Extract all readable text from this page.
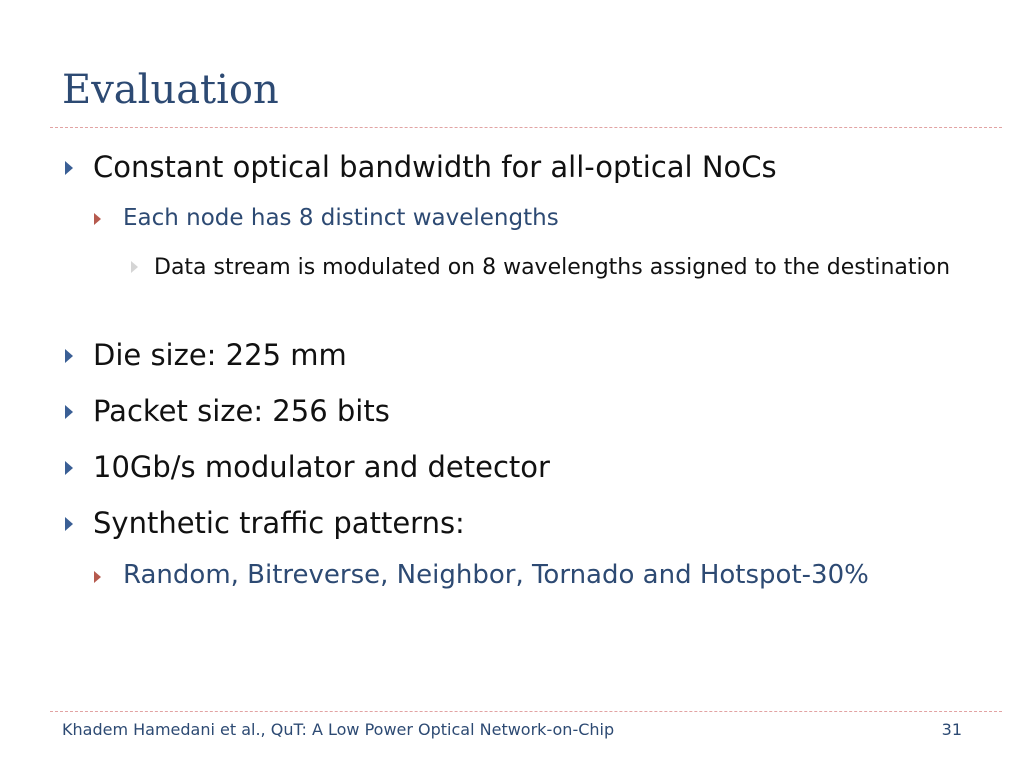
Evaluation
Constant optical bandwidth for all-optical NoCs
Each node has 8 distinct wavelengths
Data stream is modulated on 8 wavelengths assigned to the destination
Die size: 225 mm
Packet size: 256 bits
10Gb/s modulator and detector
Synthetic traffic patterns:
Random, Bitreverse, Neighbor, Tornado and Hotspot-30%
Khadem Hamedani et al., QuT: A Low Power Optical Network-on-Chip	31
